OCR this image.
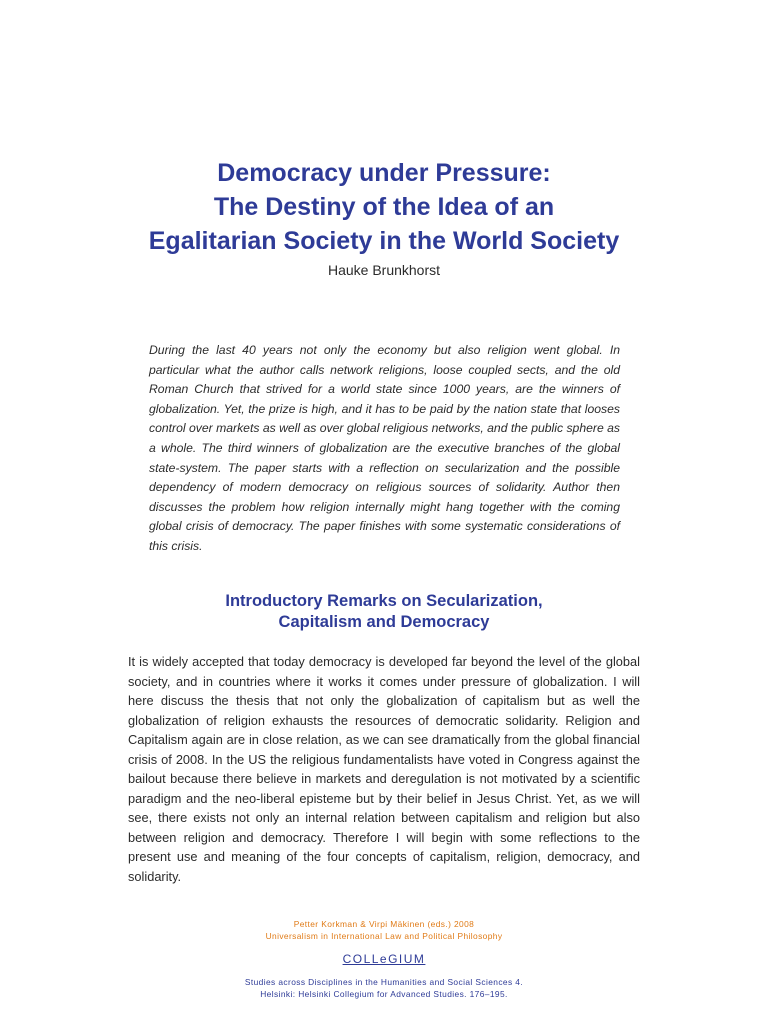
Democracy under Pressure:
The Destiny of the Idea of an
Egalitarian Society in the World Society
Hauke Brunkhorst

During the last 40 years not only the economy but also religion went global. In particular what the author calls network religions, loose coupled sects, and the old Roman Church that strived for a world state since 1000 years, are the winners of globalization. Yet, the prize is high, and it has to be paid by the nation state that looses control over markets as well as over global religious networks, and the public sphere as a whole. The third winners of globalization are the executive branches of the global state-system. The paper starts with a reflection on secularization and the possible dependency of modern democracy on religious sources of solidarity. Author then discusses the problem how religion internally might hang together with the coming global crisis of democracy. The paper finishes with some systematic considerations of this crisis.

Introductory Remarks on Secularization,
Capitalism and Democracy

It is widely accepted that today democracy is developed far beyond the level of the global society, and in countries where it works it comes under pressure of globalization. I will here discuss the thesis that not only the globalization of capitalism but as well the globalization of religion exhausts the resources of democratic solidarity. Religion and Capitalism again are in close relation, as we can see dramatically from the global financial crisis of 2008. In the US the religious fundamentalists have voted in Congress against the bailout because there believe in markets and deregulation is not motivated by a scientific paradigm and the neo-liberal episteme but by their belief in Jesus Christ. Yet, as we will see, there exists not only an internal relation between capitalism and religion but also between religion and democracy. Therefore I will begin with some reflections to the present use and meaning of the four concepts of capitalism, religion, democracy, and solidarity.

Petter Korkman & Virpi Mäkinen (eds.) 2008
Universalism in International Law and Political Philosophy
COLLeGIUM
Studies across Disciplines in the Humanities and Social Sciences 4.
Helsinki: Helsinki Collegium for Advanced Studies. 176–195.
